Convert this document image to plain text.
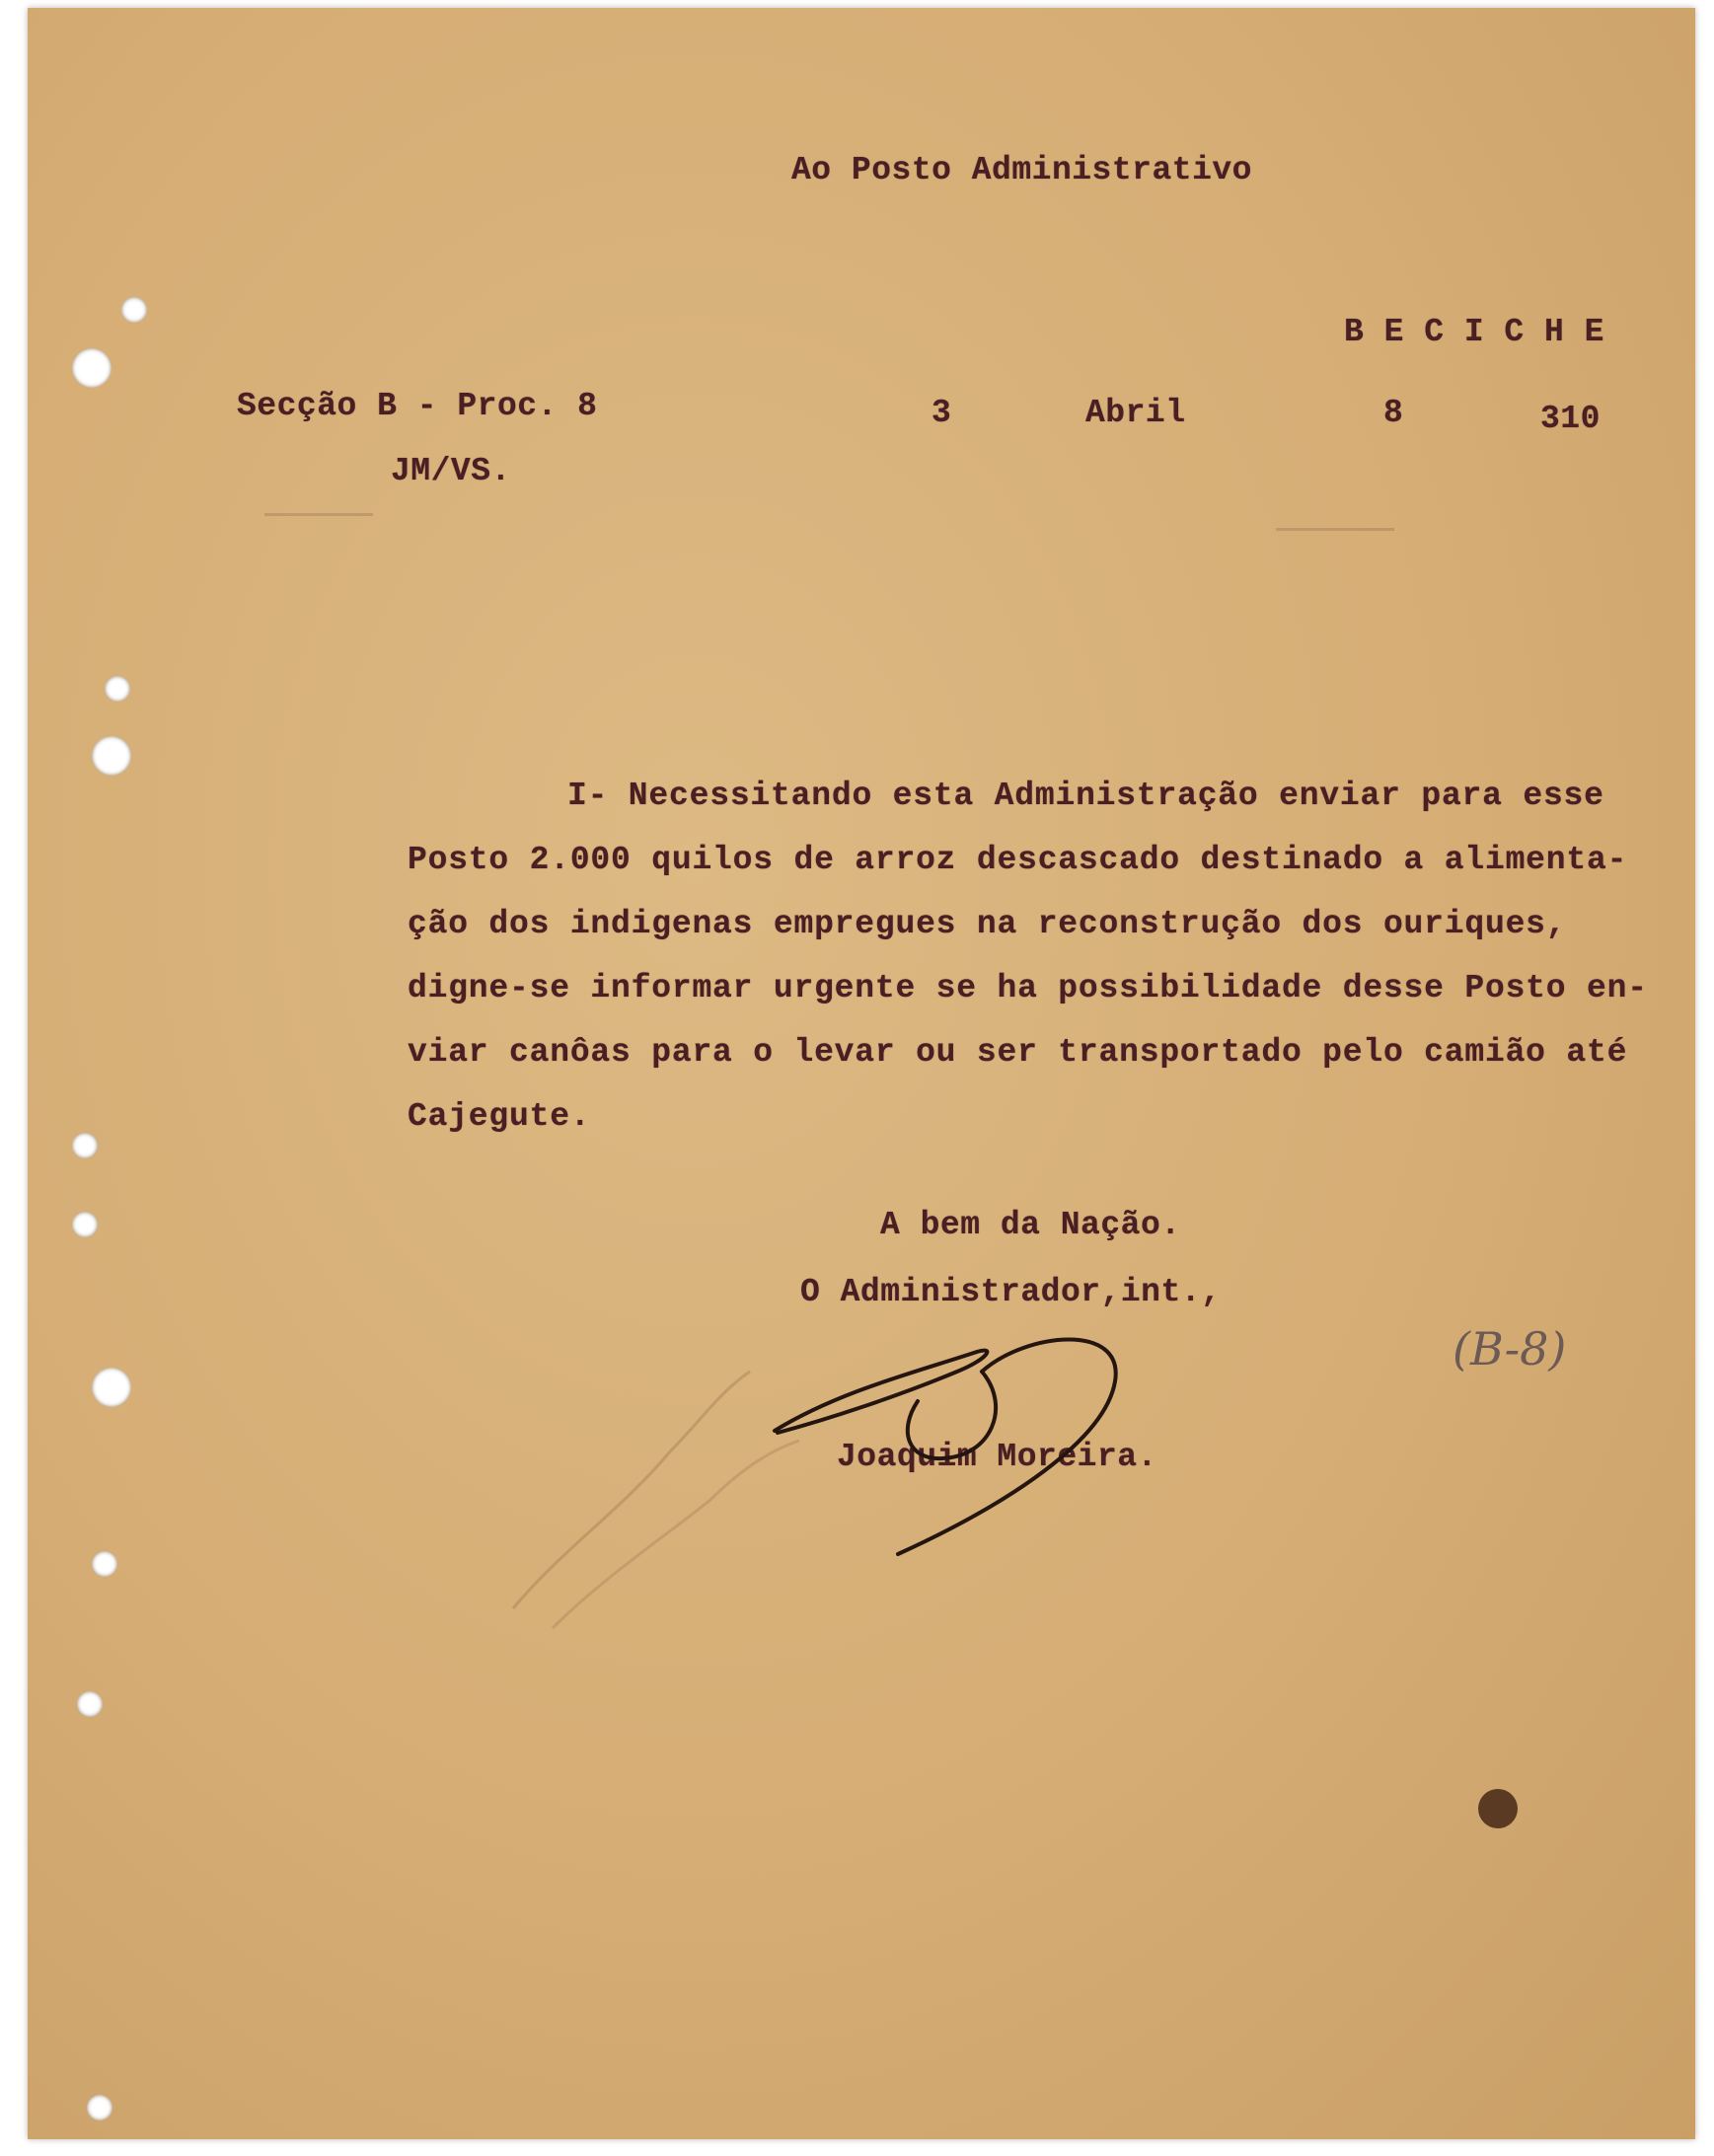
Ao Posto Administrativo
B E C I C H E
Secção B - Proc. 8
JM/VS.
3	Abril	8	310
I- Necessitando esta Administração enviar para esse
Posto 2.000 quilos de arroz descascado destinado a alimenta-
ção dos indigenas empregues na reconstrução dos ouriques,
digne-se informar urgente se ha possibilidade desse Posto en-
viar canôas para o levar ou ser transportado pelo camião até
Cajegute.
A bem da Nação.
O Administrador,int.,
Joaquim Moreira.
(B-8)
